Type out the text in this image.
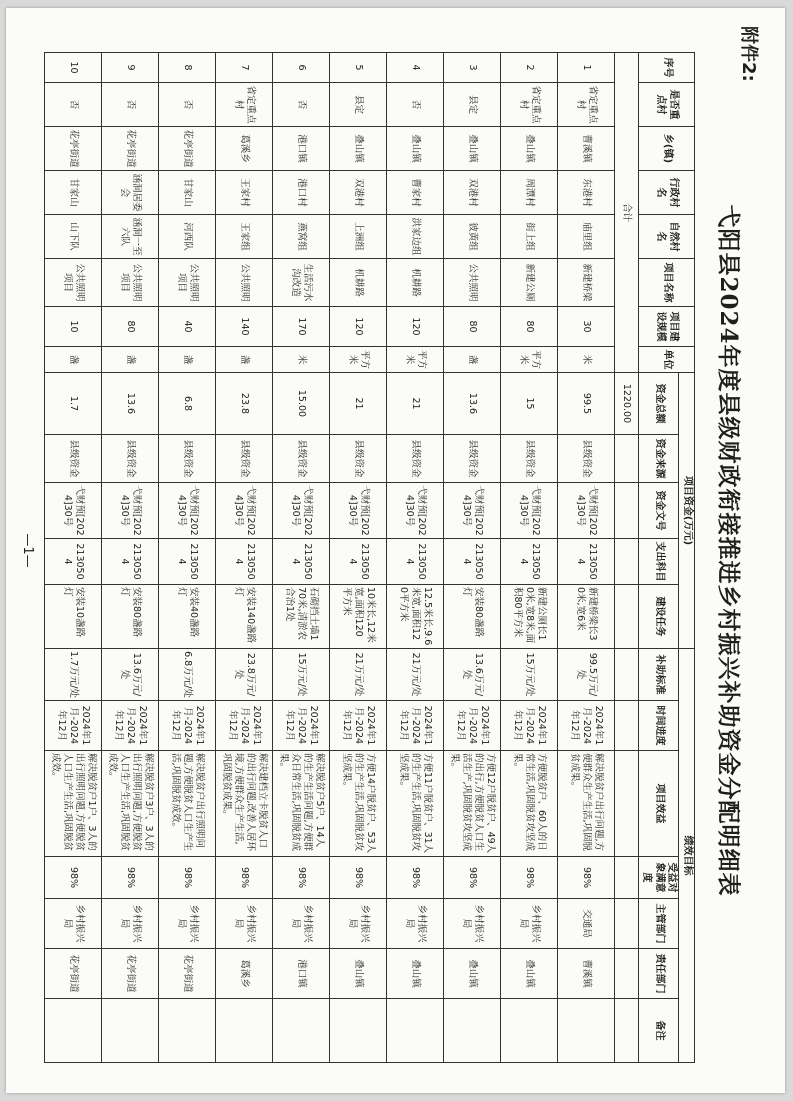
附件2:
弋阳县2024年度县级财政衔接推进乡村振兴补助资金分配明细表
序号	是否重点村	乡(镇)	行政村名	自然村名	项目名称	项目建设规模	单位	项目资金(万元)					绩效目标						
								资金总额	资金来源	资金文号	支出科目	建设任务	补助标准	时间进度	项目效益	受益对象满意度	主管部门	责任部门	备注
合计								1220.00											
1	省定重点村	曹溪镇	东港村	庙里组	新建桥梁	30	米	99.5	县级资金	弋财预[2024]30号	2130504	新建桥梁长30米,宽6米	99.5万元/处	2024年1月-2024年12月	解决脱贫户出行问题,方便群众生产生活,巩固脱贫成果。	98%	交通局	曹溪镇	
2	省定重点村	叠山镇	周潭村	街上组	新建公厕	80	平方米	15	县级资金	弋财预[2024]30号	2130504	新建公厕长10米,宽8米,面积80平方米	15万元/处	2024年1月-2024年12月	方便脱贫户、60人的日常生活,巩固脱贫攻坚成果。	98%	乡村振兴局	叠山镇	
3	县定	叠山镇	双港村	彼黄组	公共照明	80	盏	13.6	县级资金	弋财预[2024]30号	2130504	安装80盏路灯	13.6万元/处	2024年1月-2024年12月	方便12户脱贫户、49人的出行,方便脱贫人口生活生产,巩固脱贫攻坚成果。	98%	乡村振兴局	叠山镇	
4	否	叠山镇	曹家村	洪家边组	机耕路	120	平方米	21	县级资金	弋财预[2024]30号	2130504	12.5米长,9.6米宽,面积120平方米	21万元/处	2024年1月-2024年12月	方便11户脱贫户、31人的生产生活,巩固脱贫攻坚成果。	98%	乡村振兴局	叠山镇	
5	县定	叠山镇	双港村	上洲组	机耕路	120	平方米	21	县级资金	弋财预[2024]30号	2130504	10米长,12米宽,面积120平方米	21万元/处	2024年1月-2024年12月	方便14户脱贫户、53人的生产生活,巩固脱贫攻坚成果。	98%	乡村振兴局	叠山镇	
6	否	港口镇	港口村	燕窝组	生活污水沟改造	170	米	15.00	县级资金	弋财预[2024]30号	2130504	石砌挡土墙170米,清淤农合治1处	15万元/处	2024年1月-2024年12月	解决脱贫户5户、14人的生产生活问题,方便群众日常生活,巩固脱贫成果。	98%	乡村振兴局	港口镇	
7	省定重点村	葛溪乡	王家村	王家组	公共照明	140	盏	23.8	县级资金	弋财预[2024]30号	2130504	安装140盏路灯	23.8万元/处	2024年1月-2024年12月	解决建档立卡脱贫人口的出行问题,改善人居环境,方便群众生产生活,巩固脱贫成果。	98%	乡村振兴局	葛溪乡	
8	否	花亭街道	甘家山	河西队	公共照明项目	40	盏	6.8	县级资金	弋财预[2024]30号	2130504	安装40盏路灯	6.8万元/处	2024年1月-2024年12月	解决脱贫户出行照明问题,方便脱贫人口生产生活,巩固脱贫成效。	98%	乡村振兴局	花亭街道	
9	否	花亭街道	涵洞居委会	涵洞一至六队	公共照明项目	80	盏	13.6	县级资金	弋财预[2024]30号	2130504	安装80盏路灯	13.6万元/处	2024年1月-2024年12月	解决脱贫户3户、3人的出行照明问题,方便脱贫人口生产生活,巩固脱贫成效。	98%	乡村振兴局	花亭街道	
10	否	花亭街道	甘家山	山下队	公共照明项目	10	盏	1.7	县级资金	弋财预[2024]30号	2130504	安装10盏路灯	1.7万元/处	2024年1月-2024年12月	解决脱贫户1户、3人的出行照明问题,方便脱贫人口生产生活,巩固脱贫成效。	98%	乡村振兴局	花亭街道	
—1—
